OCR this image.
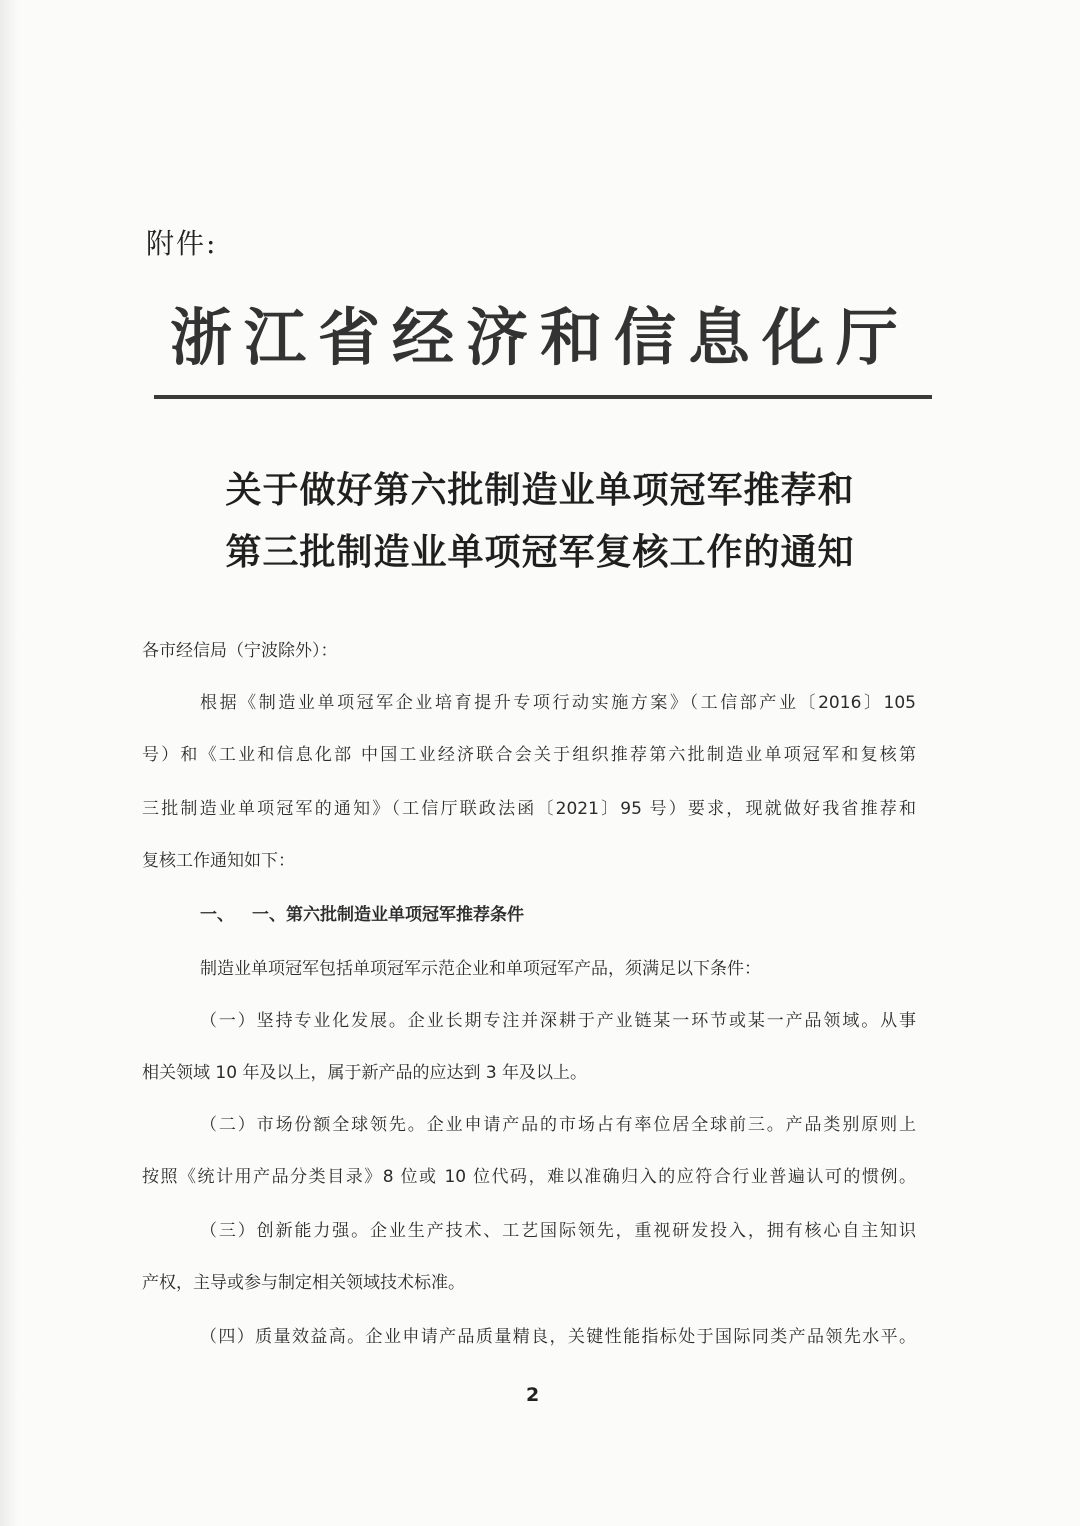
附件:
浙江省经济和信息化厅
关于做好第六批制造业单项冠军推荐和
第三批制造业单项冠军复核工作的通知
各市经信局（宁波除外）：
根据《制造业单项冠军企业培育提升专项行动实施方案》（工信部产业〔2016〕105
号）和《工业和信息化部 中国工业经济联合会关于组织推荐第六批制造业单项冠军和复核第
三批制造业单项冠军的通知》（工信厅联政法函〔2021〕95 号）要求，现就做好我省推荐和
复核工作通知如下：
一、 一、第六批制造业单项冠军推荐条件
制造业单项冠军包括单项冠军示范企业和单项冠军产品，须满足以下条件：
（一）坚持专业化发展。企业长期专注并深耕于产业链某一环节或某一产品领域。从事
相关领域 10 年及以上，属于新产品的应达到 3 年及以上。
（二）市场份额全球领先。企业申请产品的市场占有率位居全球前三。产品类别原则上
按照《统计用产品分类目录》8 位或 10 位代码，难以准确归入的应符合行业普遍认可的惯例。
（三）创新能力强。企业生产技术、工艺国际领先，重视研发投入，拥有核心自主知识
产权，主导或参与制定相关领域技术标准。
（四）质量效益高。企业申请产品质量精良，关键性能指标处于国际同类产品领先水平。
2
